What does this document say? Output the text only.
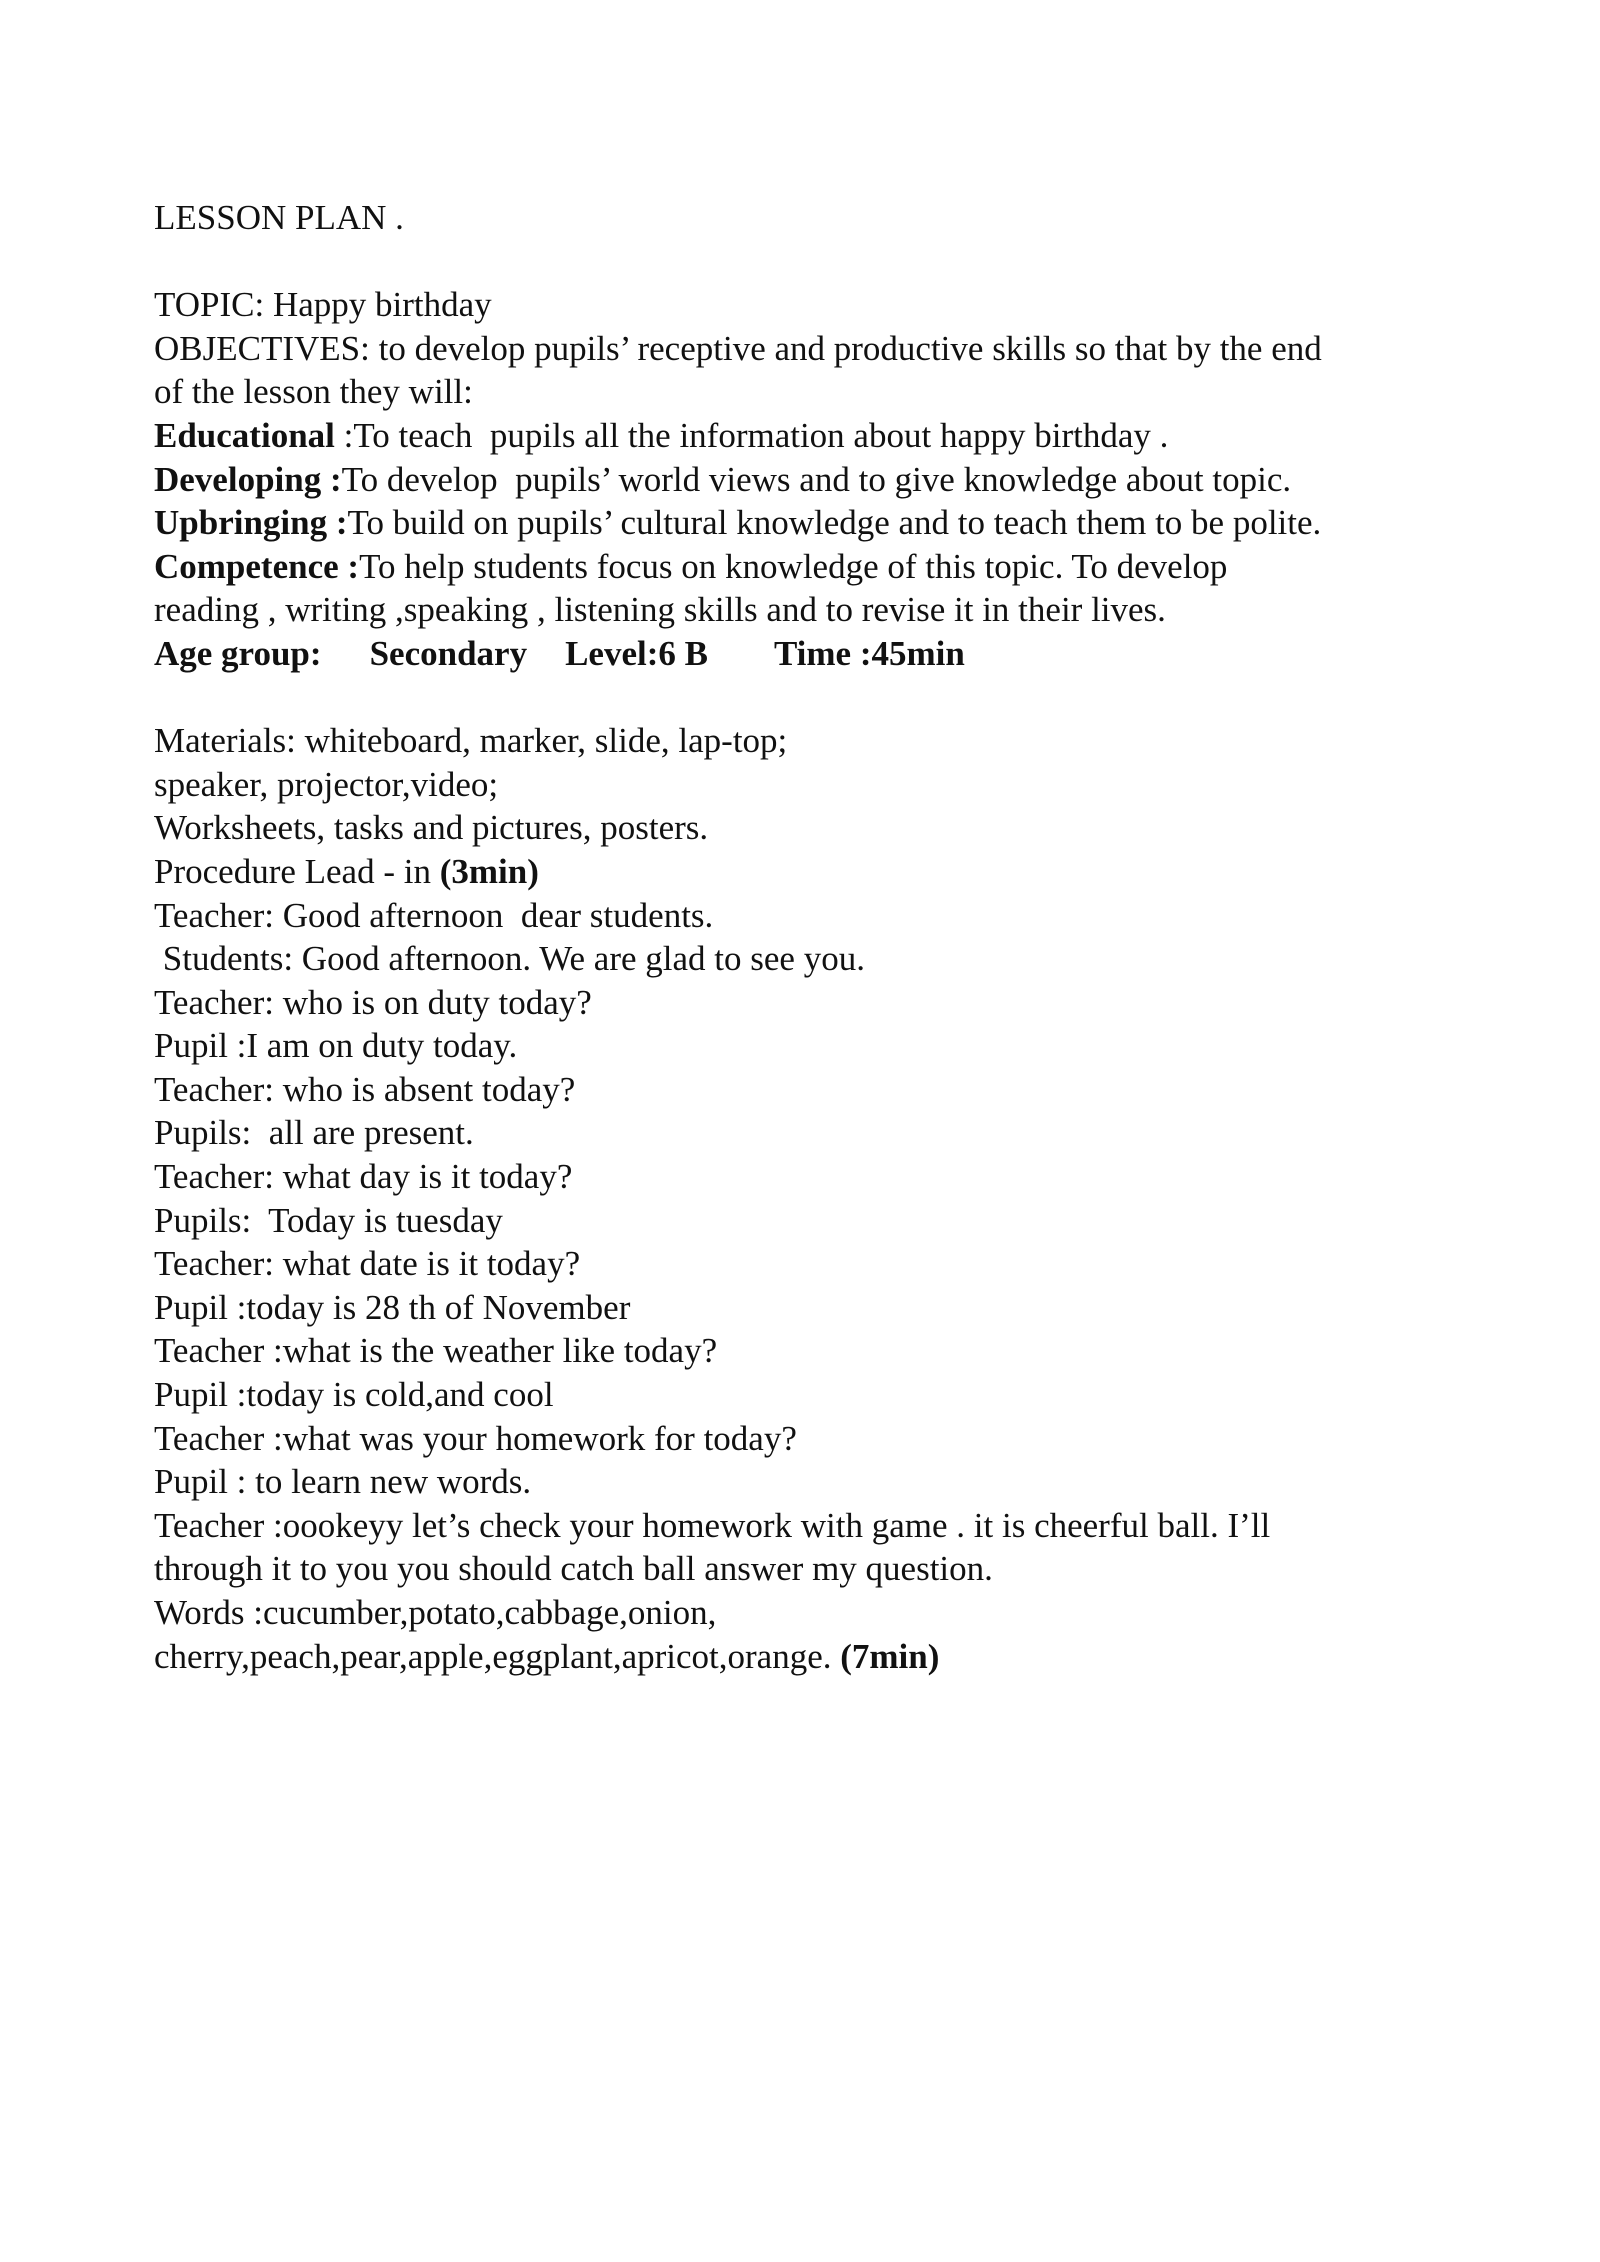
LESSON PLAN .

TOPIC: Happy birthday

OBJECTIVES: to develop pupils’ receptive and productive skills so that by the end

of the lesson they will:

Educational :To teach  pupils all the information about happy birthday .

Developing :To develop  pupils’ world views and to give knowledge about topic.

Upbringing :To build on pupils’ cultural knowledge and to teach them to be polite.

Competence :To help students focus on knowledge of this topic. To develop

reading , writing ,speaking , listening skills and to revise it in their lives.

Age group: Secondary Level:6 B Time :45min

Materials: whiteboard, marker, slide, lap-top;

speaker, projector,video;

Worksheets, tasks and pictures, posters.

Procedure Lead - in (3min)

Teacher: Good afternoon  dear students.

Students: Good afternoon. We are glad to see you.

Teacher: who is on duty today?

Pupil :I am on duty today.

Teacher: who is absent today?

Pupils:  all are present.

Teacher: what day is it today?

Pupils:  Today is tuesday

Teacher: what date is it today?

Pupil :today is 28 th of November

Teacher :what is the weather like today?

Pupil :today is cold,and cool

Teacher :what was your homework for today?

Pupil : to learn new words.

Teacher :oookeyy let’s check your homework with game . it is cheerful ball. I’ll

through it to you you should catch ball answer my question.

Words :cucumber,potato,cabbage,onion,

cherry,peach,pear,apple,eggplant,apricot,orange. (7min)
